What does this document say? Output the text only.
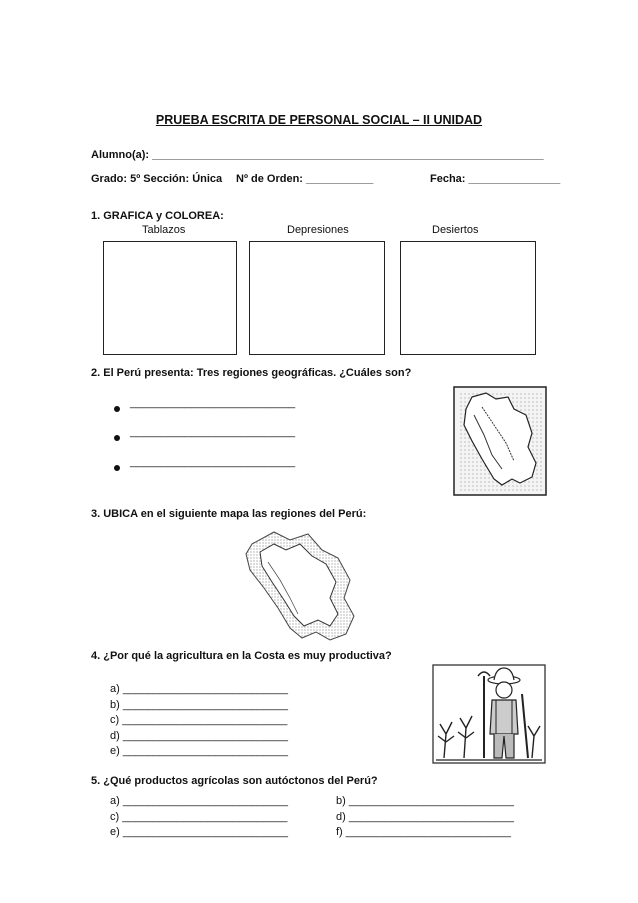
PRUEBA ESCRITA DE PERSONAL SOCIAL – II UNIDAD
Alumno(a): ________________________________________________________________
Grado: 5º Sección: Única Nº de Orden: ___________	Fecha: _______________
1. GRAFICA y COLOREA:
Tablazos	Depresiones	Desiertos
2. El Perú presenta: Tres regiones geográficas. ¿Cuáles son?
___________________________
___________________________
___________________________
3. UBICA en el siguiente mapa las regiones del Perú:
4. ¿Por qué la agricultura en la Costa es muy productiva?
a) ___________________________
b) ___________________________
c) ___________________________
d) ___________________________
e) ___________________________
5. ¿Qué productos agrícolas son autóctonos del Perú?
a) ___________________________
c) ___________________________
e) ___________________________
b) ___________________________
d) ___________________________
f) ___________________________
